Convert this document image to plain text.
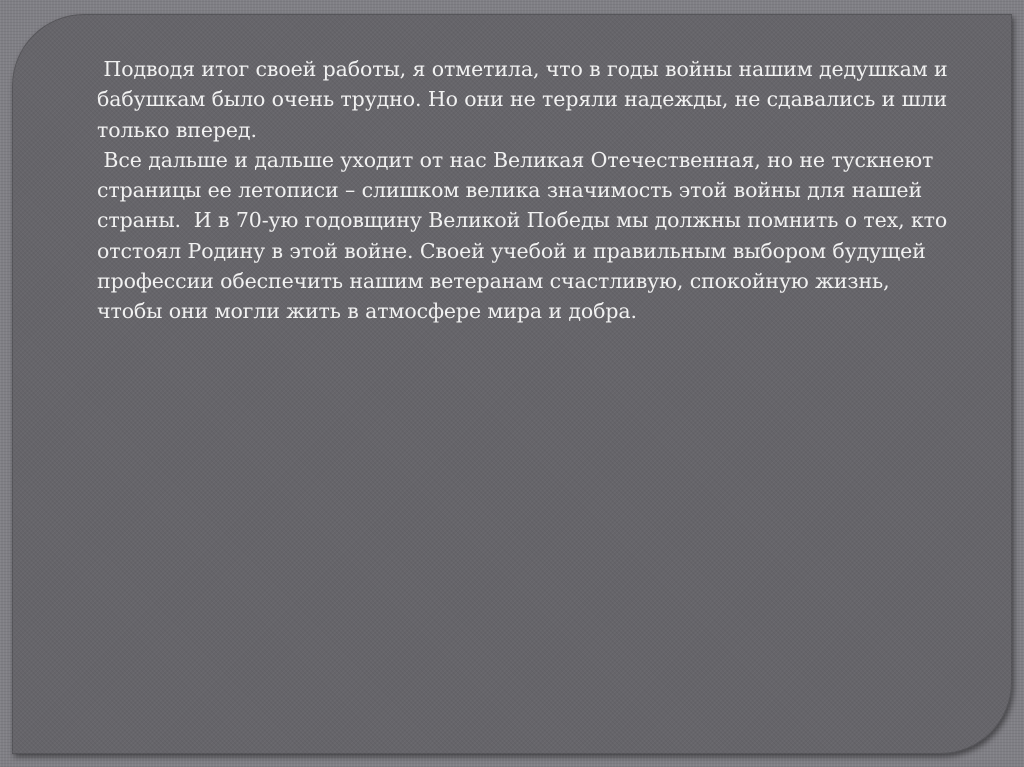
Подводя итог своей работы, я отметила, что в годы войны нашим дедушкам и бабушкам было очень трудно. Но они не теряли надежды, не сдавались и шли только вперед.

Все дальше и дальше уходит от нас Великая Отечественная, но не тускнеют страницы ее летописи – слишком велика значимость этой войны для нашей страны.  И в 70-ую годовщину Великой Победы мы должны помнить о тех, кто отстоял Родину в этой войне. Своей учебой и правильным выбором будущей профессии обеспечить нашим ветеранам счастливую, спокойную жизнь, чтобы они могли жить в атмосфере мира и добра.
